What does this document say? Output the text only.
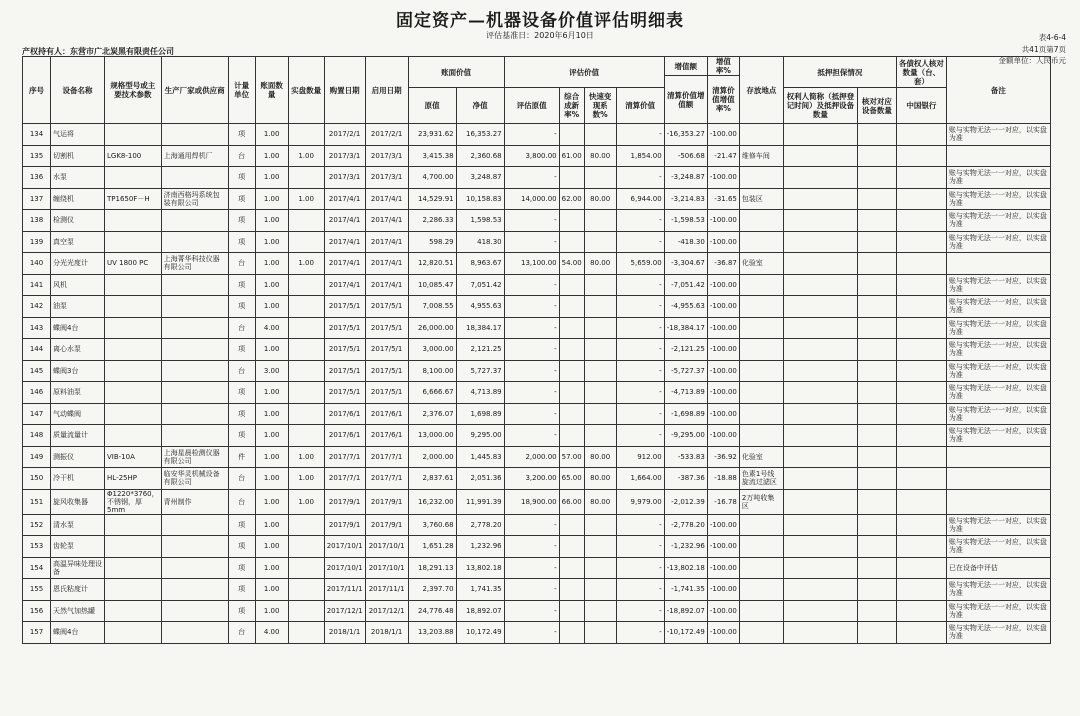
固定资产—机器设备价值评估明细表
评估基准日：2020年6月10日	表4-6-4
共41页第7页
金额单位：人民币元
产权持有人：东营市广北炭黑有限责任公司
序号	设备名称	规格型号或主要技术参数	生产厂家或供应商	计量单位	账面数量	实盘数量	购置日期	启用日期	账面价值		评估价值				增值额	增值率%	存放地点	抵押担保情况		各债权人核对数量（台、套）	备注
															清算价值增值额	清算价值增值率%					
									原值	净值	评估原值	综合成新率%	快速变现系数%	清算价值				权利人简称（抵押登记时间）及抵押设备数量	核对对应设备数量	中国银行	
134	气运将			项	1.00		2017/2/1	2017/2/1	23,931.62	16,353.27	-			-	-16,353.27	-100.00					账与实物无法一一对应，以实盘为准
135	切割机	LGK8-100	上海通用焊机厂	台	1.00	1.00	2017/3/1	2017/3/1	3,415.38	2,360.68	3,800.00	61.00	80.00	1,854.00	-506.68	-21.47	维修车间				
136	水泵			项	1.00		2017/3/1	2017/3/1	4,700.00	3,248.87	-			-	-3,248.87	-100.00					账与实物无法一一对应，以实盘为准
137	缠绕机	TP1650F－H	济南西格玛系统包装有限公司	项	1.00	1.00	2017/4/1	2017/4/1	14,529.91	10,158.83	14,000.00	62.00	80.00	6,944.00	-3,214.83	-31.65	包装区				账与实物无法一一对应，以实盘为准
138	检测仪			项	1.00		2017/4/1	2017/4/1	2,286.33	1,598.53	-			-	-1,598.53	-100.00					账与实物无法一一对应，以实盘为准
139	真空泵			项	1.00		2017/4/1	2017/4/1	598.29	418.30	-			-	-418.30	-100.00					账与实物无法一一对应，以实盘为准
140	分光光度计	UV 1800 PC	上海菁华科技仪器有限公司	台	1.00	1.00	2017/4/1	2017/4/1	12,820.51	8,963.67	13,100.00	54.00	80.00	5,659.00	-3,304.67	-36.87	化验室				
141	风机			项	1.00		2017/4/1	2017/4/1	10,085.47	7,051.42	-			-	-7,051.42	-100.00					账与实物无法一一对应，以实盘为准
142	油泵			项	1.00		2017/5/1	2017/5/1	7,008.55	4,955.63	-			-	-4,955.63	-100.00					账与实物无法一一对应，以实盘为准
143	蝶阀4台			台	4.00		2017/5/1	2017/5/1	26,000.00	18,384.17	-			-	-18,384.17	-100.00					账与实物无法一一对应，以实盘为准
144	离心水泵			项	1.00		2017/5/1	2017/5/1	3,000.00	2,121.25	-			-	-2,121.25	-100.00					账与实物无法一一对应，以实盘为准
145	蝶阀3台			台	3.00		2017/5/1	2017/5/1	8,100.00	5,727.37	-			-	-5,727.37	-100.00					账与实物无法一一对应，以实盘为准
146	原料油泵			项	1.00		2017/5/1	2017/5/1	6,666.67	4,713.89	-			-	-4,713.89	-100.00					账与实物无法一一对应，以实盘为准
147	气动蝶阀			项	1.00		2017/6/1	2017/6/1	2,376.07	1,698.89	-			-	-1,698.89	-100.00					账与实物无法一一对应，以实盘为准
148	质量流量计			项	1.00		2017/6/1	2017/6/1	13,000.00	9,295.00	-			-	-9,295.00	-100.00					账与实物无法一一对应，以实盘为准
149	测振仪	VIB-10A	上海星晨检测仪器有限公司	件	1.00	1.00	2017/7/1	2017/7/1	2,000.00	1,445.83	2,000.00	57.00	80.00	912.00	-533.83	-36.92	化验室				
150	冷干机	HL-25HP	临安华灵机械设备有限公司	台	1.00	1.00	2017/7/1	2017/7/1	2,837.61	2,051.36	3,200.00	65.00	80.00	1,664.00	-387.36	-18.88	色素1号线旋流过滤区				
151	旋风收集器	Φ1220*3760，不锈钢，厚5mm	青州制作	台	1.00	1.00	2017/9/1	2017/9/1	16,232.00	11,991.39	18,900.00	66.00	80.00	9,979.00	-2,012.39	-16.78	2万吨收集区				
152	清水泵			项	1.00		2017/9/1	2017/9/1	3,760.68	2,778.20	-			-	-2,778.20	-100.00					账与实物无法一一对应，以实盘为准
153	齿轮泵			项	1.00		2017/10/1	2017/10/1	1,651.28	1,232.96	-			-	-1,232.96	-100.00					账与实物无法一一对应，以实盘为准
154	高温异味处理设备			项	1.00		2017/10/1	2017/10/1	18,291.13	13,802.18	-			-	-13,802.18	-100.00					已在设备中评估
155	恩氏粘度计			项	1.00		2017/11/1	2017/11/1	2,397.70	1,741.35	-			-	-1,741.35	-100.00					账与实物无法一一对应，以实盘为准
156	天然气加热罐			项	1.00		2017/12/1	2017/12/1	24,776.48	18,892.07	-			-	-18,892.07	-100.00					账与实物无法一一对应，以实盘为准
157	蝶阀4台			台	4.00		2018/1/1	2018/1/1	13,203.88	10,172.49	-			-	-10,172.49	-100.00					账与实物无法一一对应，以实盘为准
